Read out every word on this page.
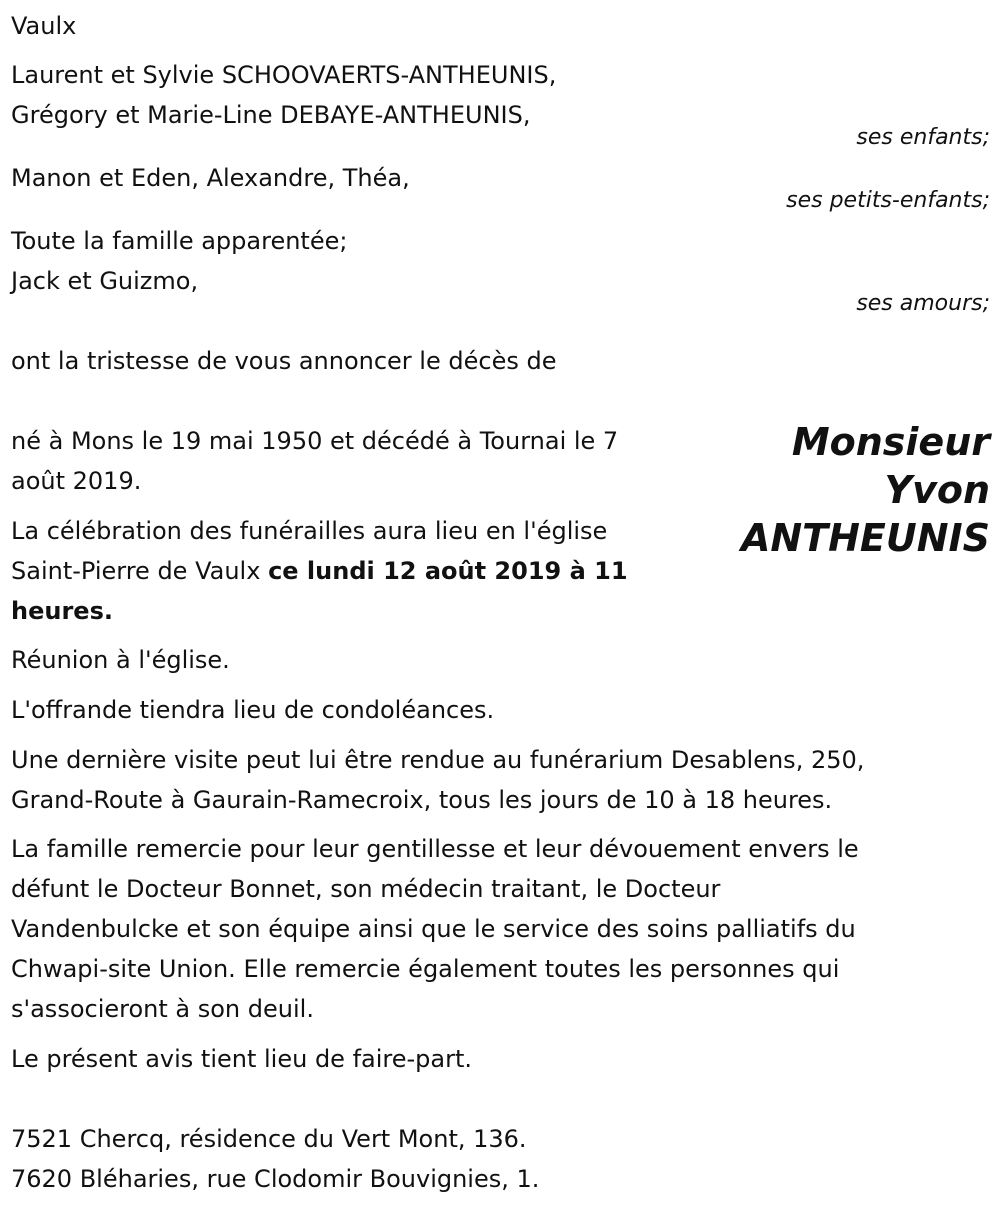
Vaulx
Laurent et Sylvie SCHOOVAERTS-ANTHEUNIS,
Grégory et Marie-Line DEBAYE-ANTHEUNIS,
ses enfants;
Manon et Eden, Alexandre, Théa,
ses petits-enfants;
Toute la famille apparentée;
Jack et Guizmo,
ses amours;
ont la tristesse de vous annoncer le décès de
Monsieur
Yvon
ANTHEUNIS
né à Mons le 19 mai 1950 et décédé à Tournai le 7
août 2019.
La célébration des funérailles aura lieu en l'église
Saint-Pierre de Vaulx ce lundi 12 août 2019 à 11
heures.
Réunion à l'église.
L'offrande tiendra lieu de condoléances.
Une dernière visite peut lui être rendue au funérarium Desablens, 250,
Grand-Route à Gaurain-Ramecroix, tous les jours de 10 à 18 heures.
La famille remercie pour leur gentillesse et leur dévouement envers le
défunt le Docteur Bonnet, son médecin traitant, le Docteur
Vandenbulcke et son équipe ainsi que le service des soins palliatifs du
Chwapi-site Union. Elle remercie également toutes les personnes qui
s'associeront à son deuil.
Le présent avis tient lieu de faire-part.
7521 Chercq, résidence du Vert Mont, 136.
7620 Bléharies, rue Clodomir Bouvignies, 1.
